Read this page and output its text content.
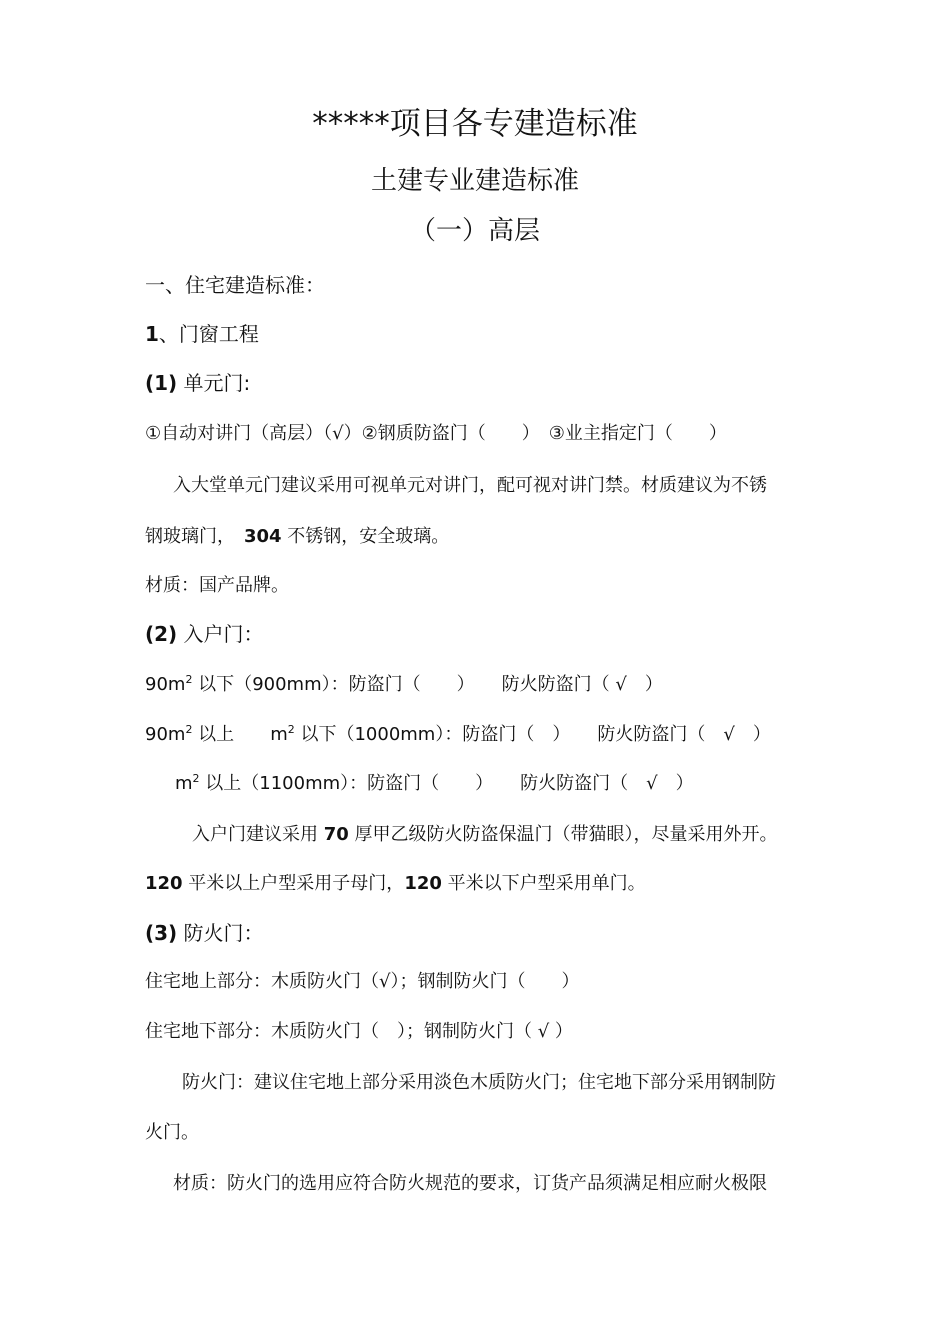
*****项目各专建造标准
土建专业建造标准
（一）高层
一、住宅建造标准：
1、门窗工程
(1) 单元门:
①自动对讲门（高层）（√）②钢质防盗门（　　）　③业主指定门（　　）
入大堂单元门建议采用可视单元对讲门，配可视对讲门禁。材质建议为不锈
钢玻璃门，　304 不锈钢，安全玻璃。
材质：国产品牌。
(2) 入户门：
$90m^2$ 以下（900mm）：防盗门（　　）　　防火防盗门（ √　）
$90m^2$ 以上　　$m^2$ 以下（1000mm）：防盗门（　）　　防火防盗门（　√　）
$m^2$ 以上（1100mm）：防盗门（　　）　　防火防盗门（　√　）
入户门建议采用 70 厚甲乙级防火防盗保温门（带猫眼），尽量采用外开。
120 平米以上户型采用子母门，120 平米以下户型采用单门。
(3) 防火门：
住宅地上部分：木质防火门（√）；钢制防火门（　　）
住宅地下部分：木质防火门（　）；钢制防火门（ √ ）
防火门：建议住宅地上部分采用淡色木质防火门；住宅地下部分采用钢制防
火门。
材质：防火门的选用应符合防火规范的要求，订货产品须满足相应耐火极限
